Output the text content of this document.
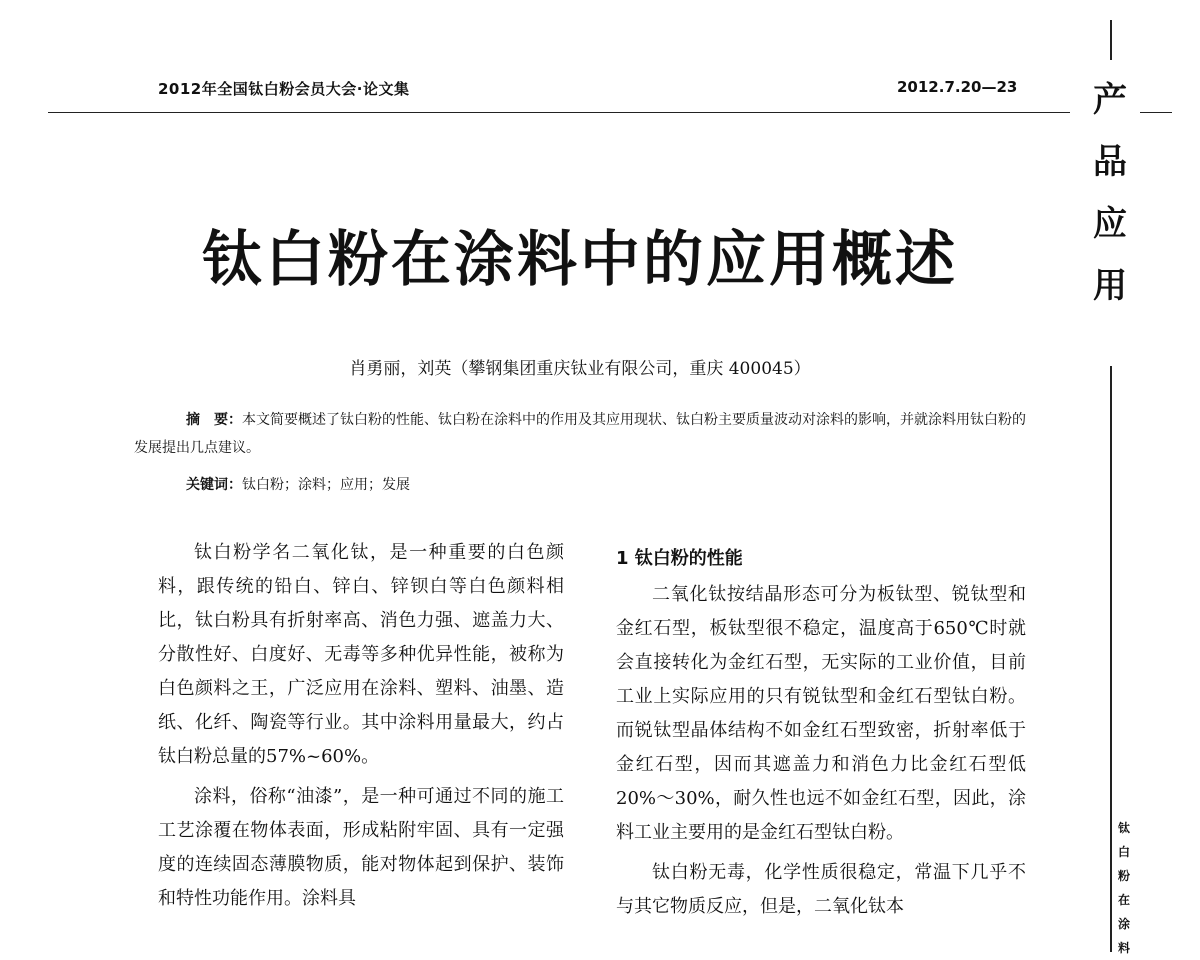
2012年全国钛白粉会员大会·论文集	2012.7.20—23	产
品
应
用
钛白粉在涂料
钛白粉在涂料中的应用概述
肖勇丽，刘英（攀钢集团重庆钛业有限公司，重庆 400045）
摘　要：本文简要概述了钛白粉的性能、钛白粉在涂料中的作用及其应用现状、钛白粉主要质量波动对涂料的影响，并就涂料用钛白粉的发展提出几点建议。
关键词：钛白粉；涂料；应用；发展

钛白粉学名二氧化钛，是一种重要的白色颜料，跟传统的铅白、锌白、锌钡白等白色颜料相比，钛白粉具有折射率高、消色力强、遮盖力大、分散性好、白度好、无毒等多种优异性能，被称为白色颜料之王，广泛应用在涂料、塑料、油墨、造纸、化纤、陶瓷等行业。其中涂料用量最大，约占钛白粉总量的57%~60%。

涂料，俗称“油漆”，是一种可通过不同的施工工艺涂覆在物体表面，形成粘附牢固、具有一定强度的连续固态薄膜物质，能对物体起到保护、装饰和特性功能作用。涂料具

1 钛白粉的性能

二氧化钛按结晶形态可分为板钛型、锐钛型和金红石型，板钛型很不稳定，温度高于650℃时就会直接转化为金红石型，无实际的工业价值，目前工业上实际应用的只有锐钛型和金红石型钛白粉。而锐钛型晶体结构不如金红石型致密，折射率低于金红石型，因而其遮盖力和消色力比金红石型低20%～30%，耐久性也远不如金红石型，因此，涂料工业主要用的是金红石型钛白粉。

钛白粉无毒，化学性质很稳定，常温下几乎不与其它物质反应，但是，二氧化钛本
